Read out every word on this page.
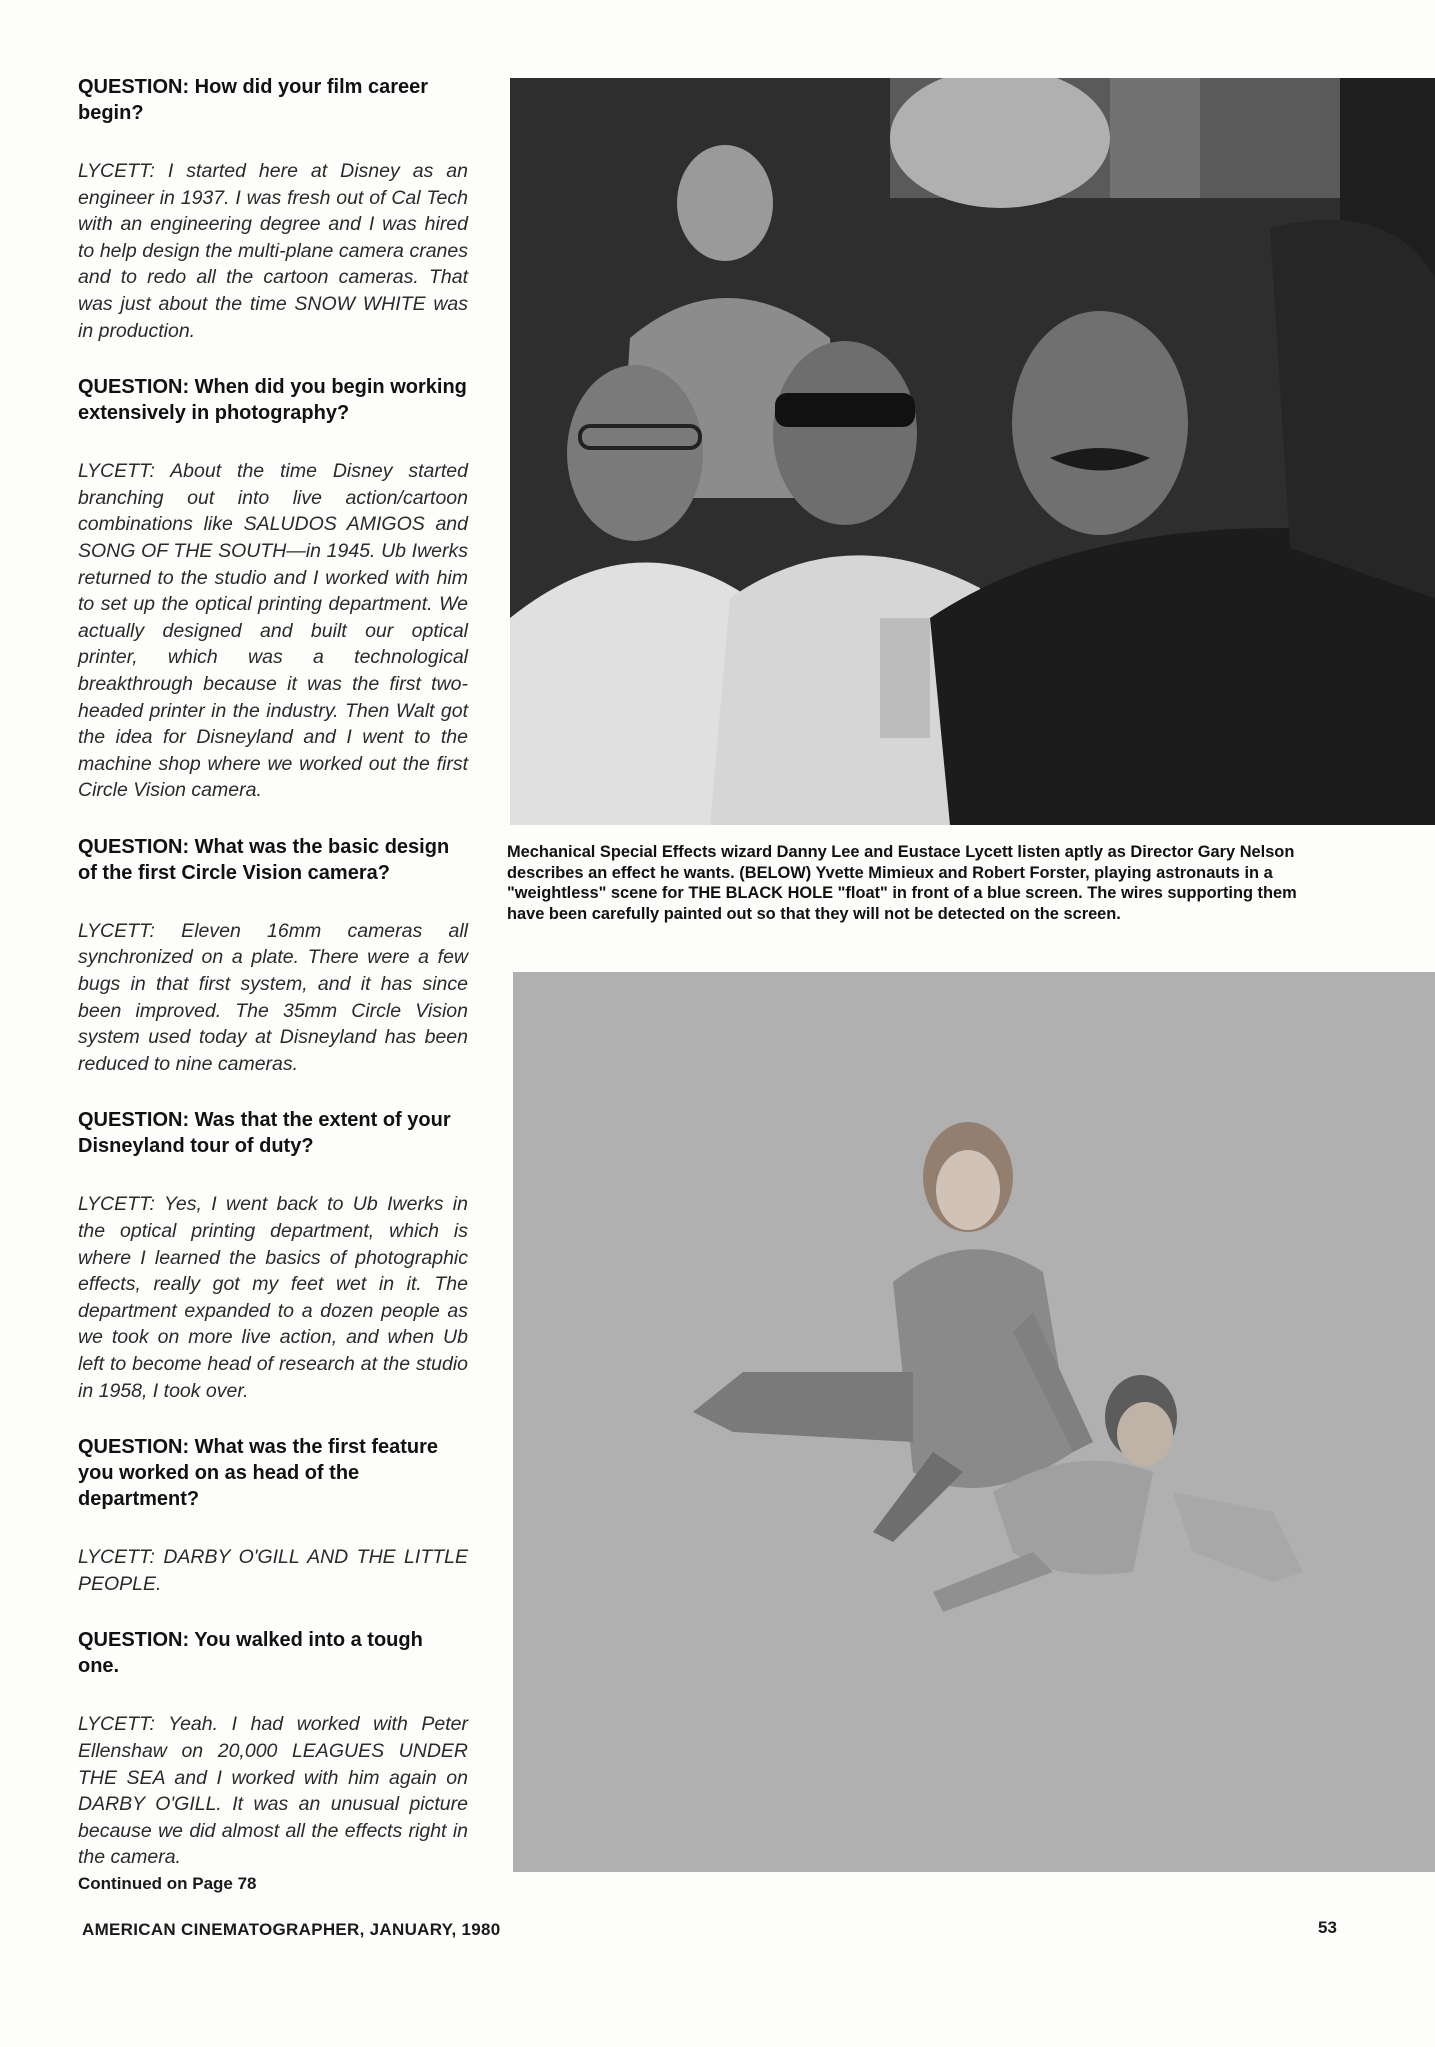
QUESTION: How did your film career begin?
LYCETT: I started here at Disney as an engineer in 1937. I was fresh out of Cal Tech with an engineering degree and I was hired to help design the multi-plane camera cranes and to redo all the cartoon cameras. That was just about the time SNOW WHITE was in production.
QUESTION: When did you begin working extensively in photography?
LYCETT: About the time Disney started branching out into live action/cartoon combinations like SALUDOS AMIGOS and SONG OF THE SOUTH—in 1945. Ub Iwerks returned to the studio and I worked with him to set up the optical printing department. We actually designed and built our optical printer, which was a technological breakthrough because it was the first two-headed printer in the industry. Then Walt got the idea for Disneyland and I went to the machine shop where we worked out the first Circle Vision camera.
QUESTION: What was the basic design of the first Circle Vision camera?
LYCETT: Eleven 16mm cameras all synchronized on a plate. There were a few bugs in that first system, and it has since been improved. The 35mm Circle Vision system used today at Disneyland has been reduced to nine cameras.
QUESTION: Was that the extent of your Disneyland tour of duty?
LYCETT: Yes, I went back to Ub Iwerks in the optical printing department, which is where I learned the basics of photographic effects, really got my feet wet in it. The department expanded to a dozen people as we took on more live action, and when Ub left to become head of research at the studio in 1958, I took over.
QUESTION: What was the first feature you worked on as head of the department?
LYCETT: DARBY O'GILL AND THE LITTLE PEOPLE.
QUESTION: You walked into a tough one.
LYCETT: Yeah. I had worked with Peter Ellenshaw on 20,000 LEAGUES UNDER THE SEA and I worked with him again on DARBY O'GILL. It was an unusual picture because we did almost all the effects right in the camera.
Continued on Page 78
Mechanical Special Effects wizard Danny Lee and Eustace Lycett listen aptly as Director Gary Nelson describes an effect he wants. (BELOW) Yvette Mimieux and Robert Forster, playing astronauts in a "weightless" scene for THE BLACK HOLE "float" in front of a blue screen. The wires supporting them have been carefully painted out so that they will not be detected on the screen.
AMERICAN CINEMATOGRAPHER, JANUARY, 1980	53
